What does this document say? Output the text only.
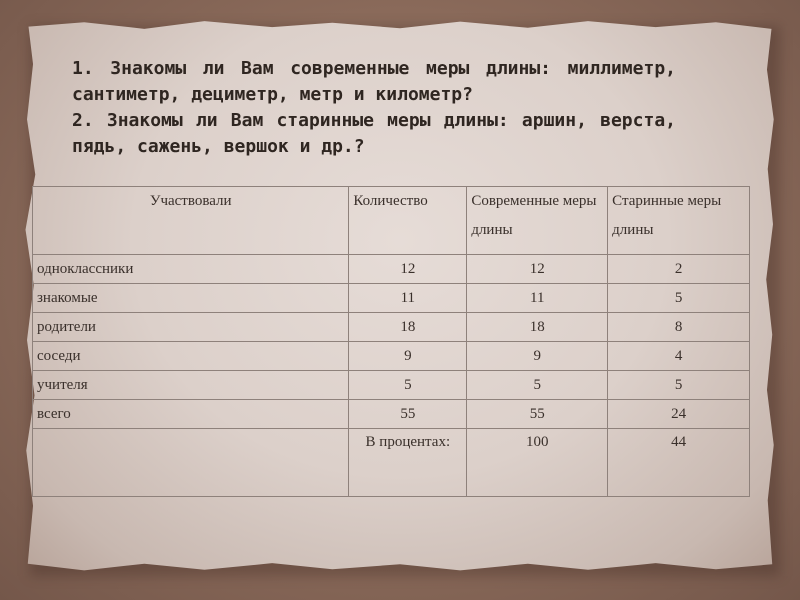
1. Знакомы ли Вам современные меры длины: миллиметр, сантиметр, дециметр, метр и километр?

2. Знакомы ли Вам старинные меры длины: аршин, верста, пядь, сажень, вершок и др.?

Участвовали	Количество	Современные меры длины	Старинные меры длины
одноклассники	12	12	2
знакомые	11	11	5
родители	18	18	8
соседи	9	9	4
учителя	5	5	5
всего	55	55	24

	В процентах:	100	44
